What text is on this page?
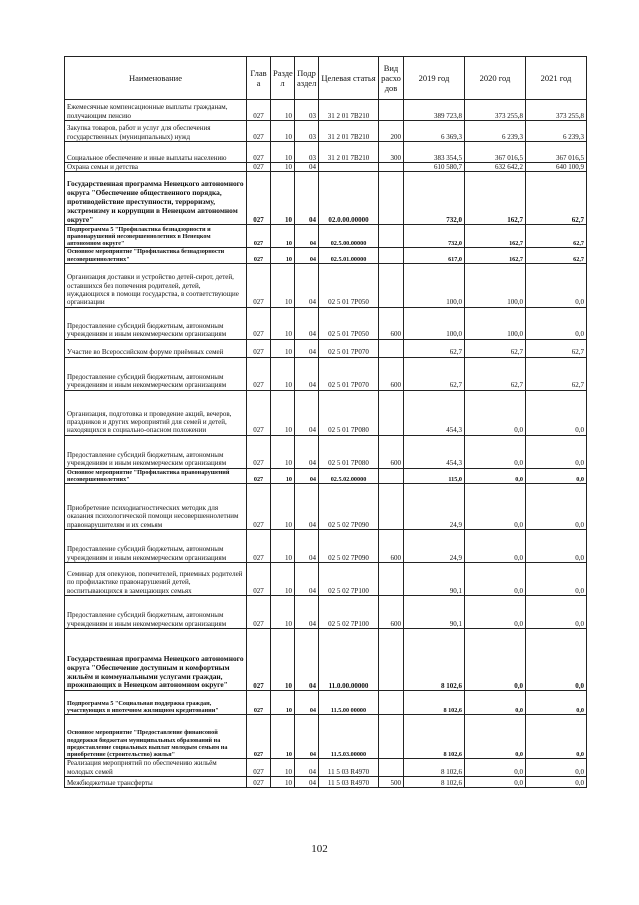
Наименование	Глав а	Разде л	Подр аздел	Целевая статья	Вид расхо дов	2019 год	2020 год	2021 год
Ежемесячные компенсационные выплаты гражданам, получающим пенсию	027	10	03	31 2 01 7В210		389 723,8	373 255,8	373 255,8
Закупка товаров, работ и услуг для обеспечения государственных (муниципальных) нужд	027	10	03	31 2 01 7В210	200	6 369,3	6 239,3	6 239,3
Социальное обеспечение и иные выплаты населению	027	10	03	31 2 01 7В210	300	383 354,5	367 016,5	367 016,5
Охрана семьи и детства	027	10	04			610 580,7	632 642,2	640 100,9
Государственная программа Ненецкого автономного округа "Обеспечение общественного порядка, противодействие преступности, терроризму, экстремизму и коррупции в Ненецком автономном округе"	027	10	04	02.0.00.00000		732,0	162,7	62,7
Подпрограмма 5 "Профилактика безнадзорности и правонарушений несовершеннолетних в Ненецком автономном округе"	027	10	04	02.5.00.00000		732,0	162,7	62,7
Основное мероприятие "Профилактика безнадзорности несовершеннолетних"	027	10	04	02.5.01.00000		617,0	162,7	62,7
Организация доставки и устройство детей-сирот, детей, оставшихся без попечения родителей, детей, нуждающихся в помощи государства, в соответствующие организации	027	10	04	02 5 01 7Р050		100,0	100,0	0,0
Предоставление субсидий бюджетным, автономным учреждениям и иным некоммерческим организациям	027	10	04	02 5 01 7Р050	600	100,0	100,0	0,0
Участие во Всероссийском форуме приёмных семей	027	10	04	02 5 01 7Р070		62,7	62,7	62,7
Предоставление субсидий бюджетным, автономным учреждениям и иным некоммерческим организациям	027	10	04	02 5 01 7Р070	600	62,7	62,7	62,7
Организация, подготовка и проведение акций, вечеров, праздников и других мероприятий для семей и детей, находящихся в социально-опасном положении	027	10	04	02 5 01 7Р080		454,3	0,0	0,0
Предоставление субсидий бюджетным, автономным учреждениям и иным некоммерческим организациям	027	10	04	02 5 01 7Р080	600	454,3	0,0	0,0
Основное мероприятие "Профилактика правонарушений несовершеннолетних"	027	10	04	02.5.02.00000		115,0	0,0	0,0
Приобретение психодиагностических методик для оказания психологической помощи несовершеннолетним правонарушителям и их семьям	027	10	04	02 5 02 7Р090		24,9	0,0	0,0
Предоставление субсидий бюджетным, автономным учреждениям и иным некоммерческим организациям	027	10	04	02 5 02 7Р090	600	24,9	0,0	0,0
Семинар для опекунов, попечителей, приемных родителей по профилактике правонарушений детей, воспитывающихся в замещающих семьях	027	10	04	02 5 02 7Р100		90,1	0,0	0,0
Предоставление субсидий бюджетным, автономным учреждениям и иным некоммерческим организациям	027	10	04	02 5 02 7Р100	600	90,1	0,0	0,0
Государственная программа Ненецкого автономного округа "Обеспечение доступным и комфортным жильём и коммунальными услугами граждан, проживающих в Ненецком автономном округе"	027	10	04	11.0.00.00000		8 102,6	0,0	0,0
Подпрограмма 5 "Социальная поддержка граждан, участвующих в ипотечном жилищном кредитовании"	027	10	04	11.5.00 00000		8 102,6	0,0	0,0
Основное мероприятие "Предоставление финансовой поддержки бюджетам муниципальных образований на предоставление социальных выплат молодым семьям на приобретение (строительство) жилья"	027	10	04	11.5.03.00000		8 102,6	0,0	0,0
Реализация мероприятий по обеспечению жильём молодых семей	027	10	04	11 5 03 R4970		8 102,6	0,0	0,0
Межбюджетные трансферты	027	10	04	11 5 03 R4970	500	8 102,6	0,0	0,0
102
